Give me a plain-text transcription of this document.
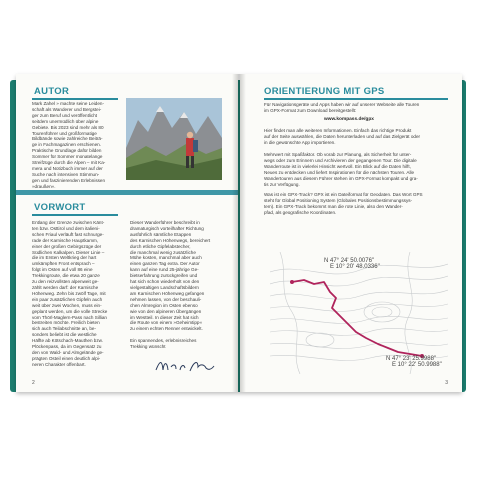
AUTOR
Mark Zahel » machte seine Leiden-
schaft als Wanderer und Bergstei-
ger zum Beruf und veröffentlicht
seitdem unermüdlich über alpine
Gebiete. Bis 2023 sind mehr als 80
Tourenführer und großformatige
Bildbände sowie zahlreiche Beiträ-
ge in Fachmagazinen erschienen.
Praktische Grundlage dafür bilden
Sommer für Sommer monatelange
Streifzüge durch die Alpen – mit Ka-
mera und Notizbuch immer auf der
Suche nach intensiven Stimmun-
gen und faszinierenden Erlebnissen
»draußen«.
VORWORT
Entlang der Grenze zwischen Känt-
ten bzw. Osttirol und dem italieni-
schen Friaul verläuft fast schnurge-
rade der Karnische Hauptkamm,
einer der großen Gebirgszüge der
Südlichen Kalkalpen. Dieser Linie –
die im Ersten Weltkrieg der hart
umkämpften Front entsprach –
folgt im Osten auf voll 86 eine
Trekkingroute, die etwa 20 ganze
zu den reizvollsten alpenweit ge-
zählt werden darf: der Karnische
Höhenweg. Zehn bis zwölf Tage, mit
ein paar zusätzlichen Gipfeln auch
weit über zwei Wochen, muss ein-
geplant werden, um die volle Strecke
vom Thörl-Maglern-Pass nach Sillian
bestreiten möchte. Freilich bieten
sich auch Teilabschnitte an, be-
sonders beliebt ist die westliche
Hälfte ab Kötschach-Mauthen bzw.
Plöckenpass, da im Gegensatz zu
den von Wald- und Almgelände ge-
prägten Osteil einen deutlich alpi-
neren Charakter offenbart.
Dieser Wanderführer beschreibt in
dramaturgisch vorteilhafter Richtung
ausführlich sämtliche Etappen
des Karnischen Höhenwegs, bereichert
durch etliche Gipfelabstecher,
die manchmal wenig zusätzliche
Mühe kosten, manchmal aber auch
einen ganzen Tag extra. Der Autor
kann auf eine rund 25-jährige Ge-
bietserfahrung zurückgreifen und
hat sich schon wiederholt von den
vielgestaltigen Landschaftsbildern
am Karnischen Höhenweg gefangen
nehmen lassen, von der beschauli-
chen Almregion im Osten ebenso
wie von den alpineren Übergängen
im Westteil. In dieser Zeit hat sich
die Route von einem »Geheimtipp«
zu einem echten Renner entwickelt.

Ein spannendes, erlebnisreiches
Trekking wünscht
2
ORIENTIERUNG MIT GPS
Für Navigationsgeräte und Apps haben wir auf unserer Webseite alle Touren
im GPX-Format zum Download bereitgestellt:
www.kompass.de/gpx
Hier findet man alle weiteren Informationen. Einfach das richtige Produkt
auf der Seite auswählen, die Daten herunterladen und auf das Zielgerät oder
in die gewünschte App importieren.
Mehrwert mit Spaßfaktor. Ob vorab zur Planung, als Sicherheit für unter-
wegs oder zum Erinnern und Archivieren der gegangenen Tour. Die digitale
Wanderroute ist in vielerlei Hinsicht wertvoll. Ein Blick auf die Daten hilft,
Neues zu entdecken und liefert Inspirationen für die nächsten Touren. Alle
Wandertouren aus diesem Führer stehen im GPX-Format kompakt und gra-
tis zur Verfügung.
Was ist ein GPX-Track? GPX ist ein Dateiformat für Geodaten. Das Wort GPS
steht für Global Positioning System (Globales Positionsbestimmungssys-
tem). Ein GPX-Track bekommt man die rote Linie, also den Wander-
pfad, als geografische Koordinaten.
N 47° 24' 50.0076"
E 10° 20' 48.0336"
N 47° 23' 25.9988"
E 10° 22' 50.9988"
3
